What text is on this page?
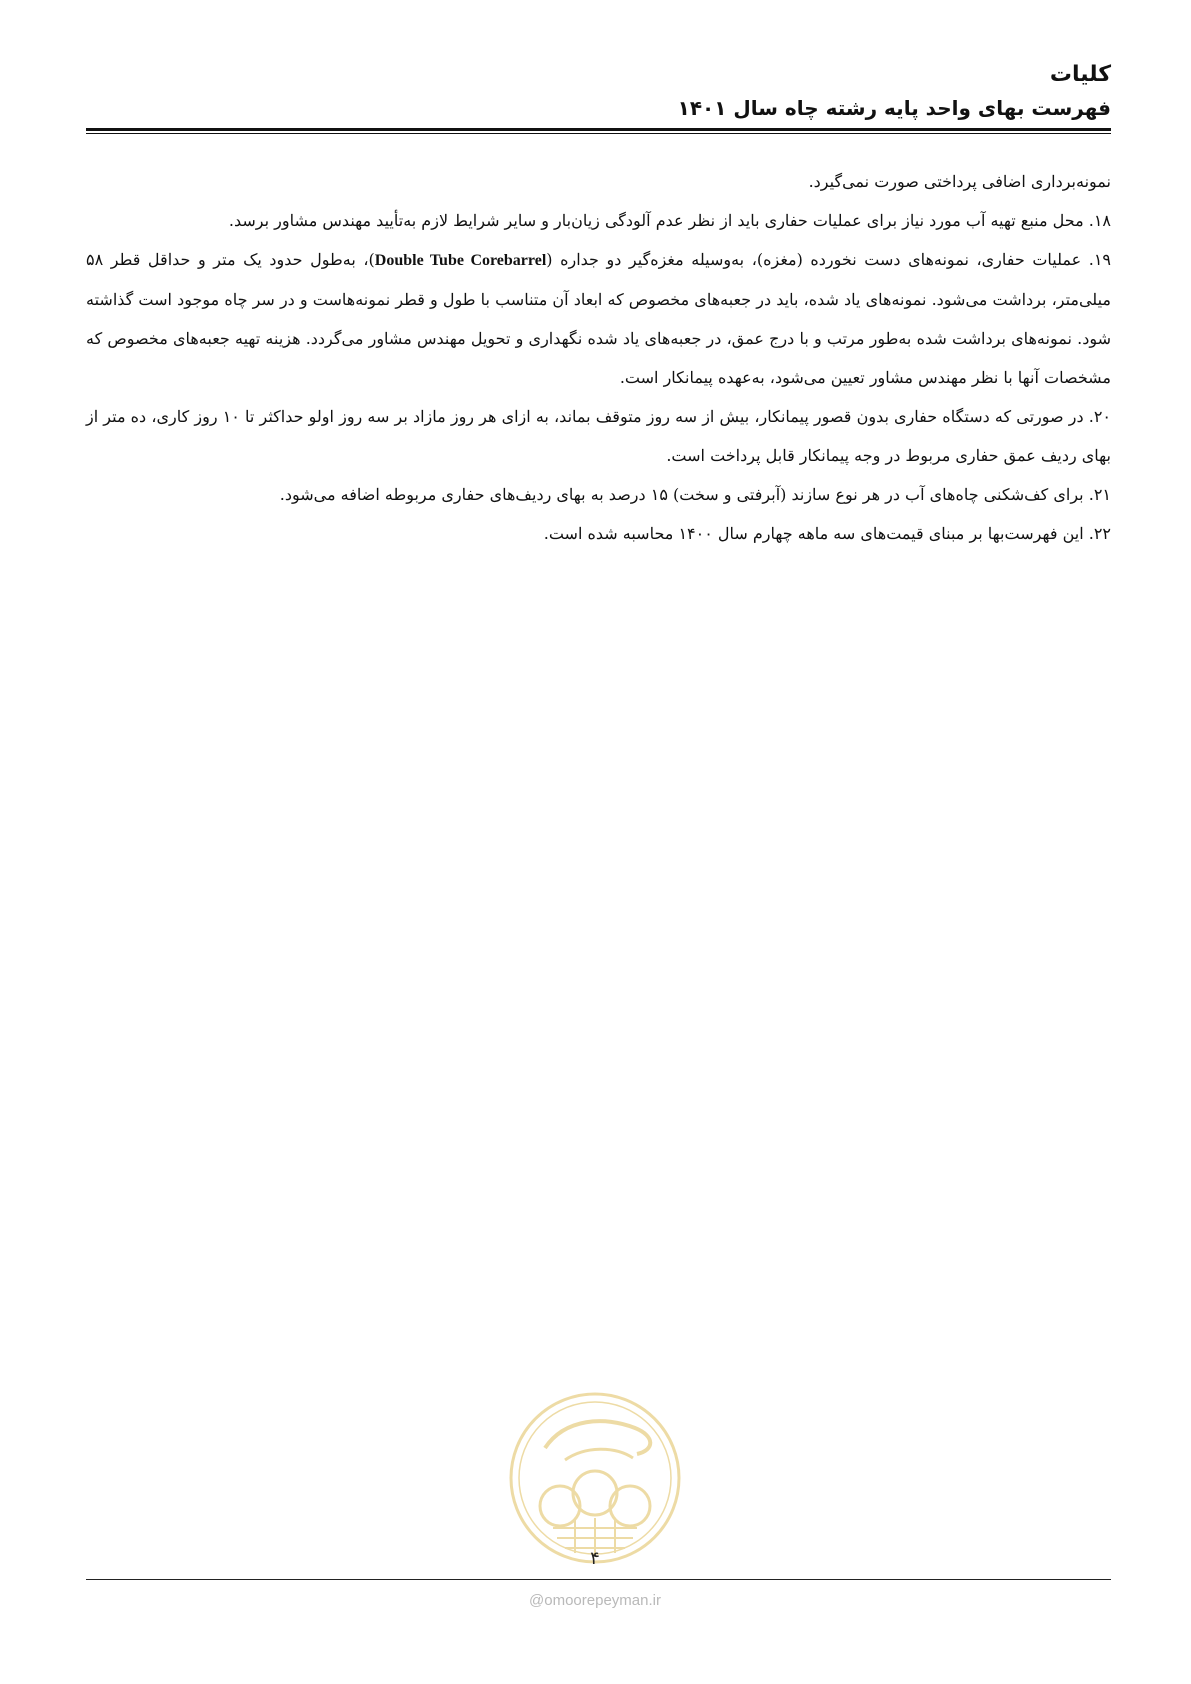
کلیات
فهرست بهای واحد پایه رشته چاه سال ۱۴۰۱

نمونه‌برداری اضافی پرداختی صورت نمی‌گیرد.

۱۸. محل منبع تهیه آب مورد نیاز برای عملیات حفاری باید از نظر عدم آلودگی زیان‌بار و سایر شرایط لازم به‌تأیید مهندس مشاور برسد.

۱۹. عملیات حفاری، نمونه‌های دست نخورده (مغزه)، به‌وسیله مغزه‌گیر دو جداره (Double Tube Corebarrel)، به‌طول حدود یک متر و حداقل قطر ۵۸ میلی‌متر، برداشت می‌شود. نمونه‌های یاد شده، باید در جعبه‌های مخصوص که ابعاد آن متناسب با طول و قطر نمونه‌هاست و در سر چاه موجود است گذاشته شود. نمونه‌های برداشت شده به‌طور مرتب و با درج عمق، در جعبه‌های یاد شده نگهداری و تحویل مهندس مشاور می‌گردد. هزینه تهیه جعبه‌های مخصوص که مشخصات آنها با نظر مهندس مشاور تعیین می‌شود، به‌عهده پیمانکار است.

۲۰. در صورتی که دستگاه حفاری بدون قصور پیمانکار، بیش از سه روز متوقف بماند، به ازای هر روز مازاد بر سه روز اولو حداکثر تا ۱۰ روز کاری، ده متر از بهای ردیف عمق حفاری مربوط در وجه پیمانکار قابل پرداخت است.

۲۱. برای کف‌شکنی چاه‌های آب در هر نوع سازند (آبرفتی و سخت) ۱۵ درصد به بهای ردیف‌های حفاری مربوطه اضافه می‌شود.

۲۲. این فهرست‌بها بر مبنای قیمت‌های سه ماهه چهارم سال ۱۴۰۰ محاسبه شده است.

۴
@omoorepeyman.ir
